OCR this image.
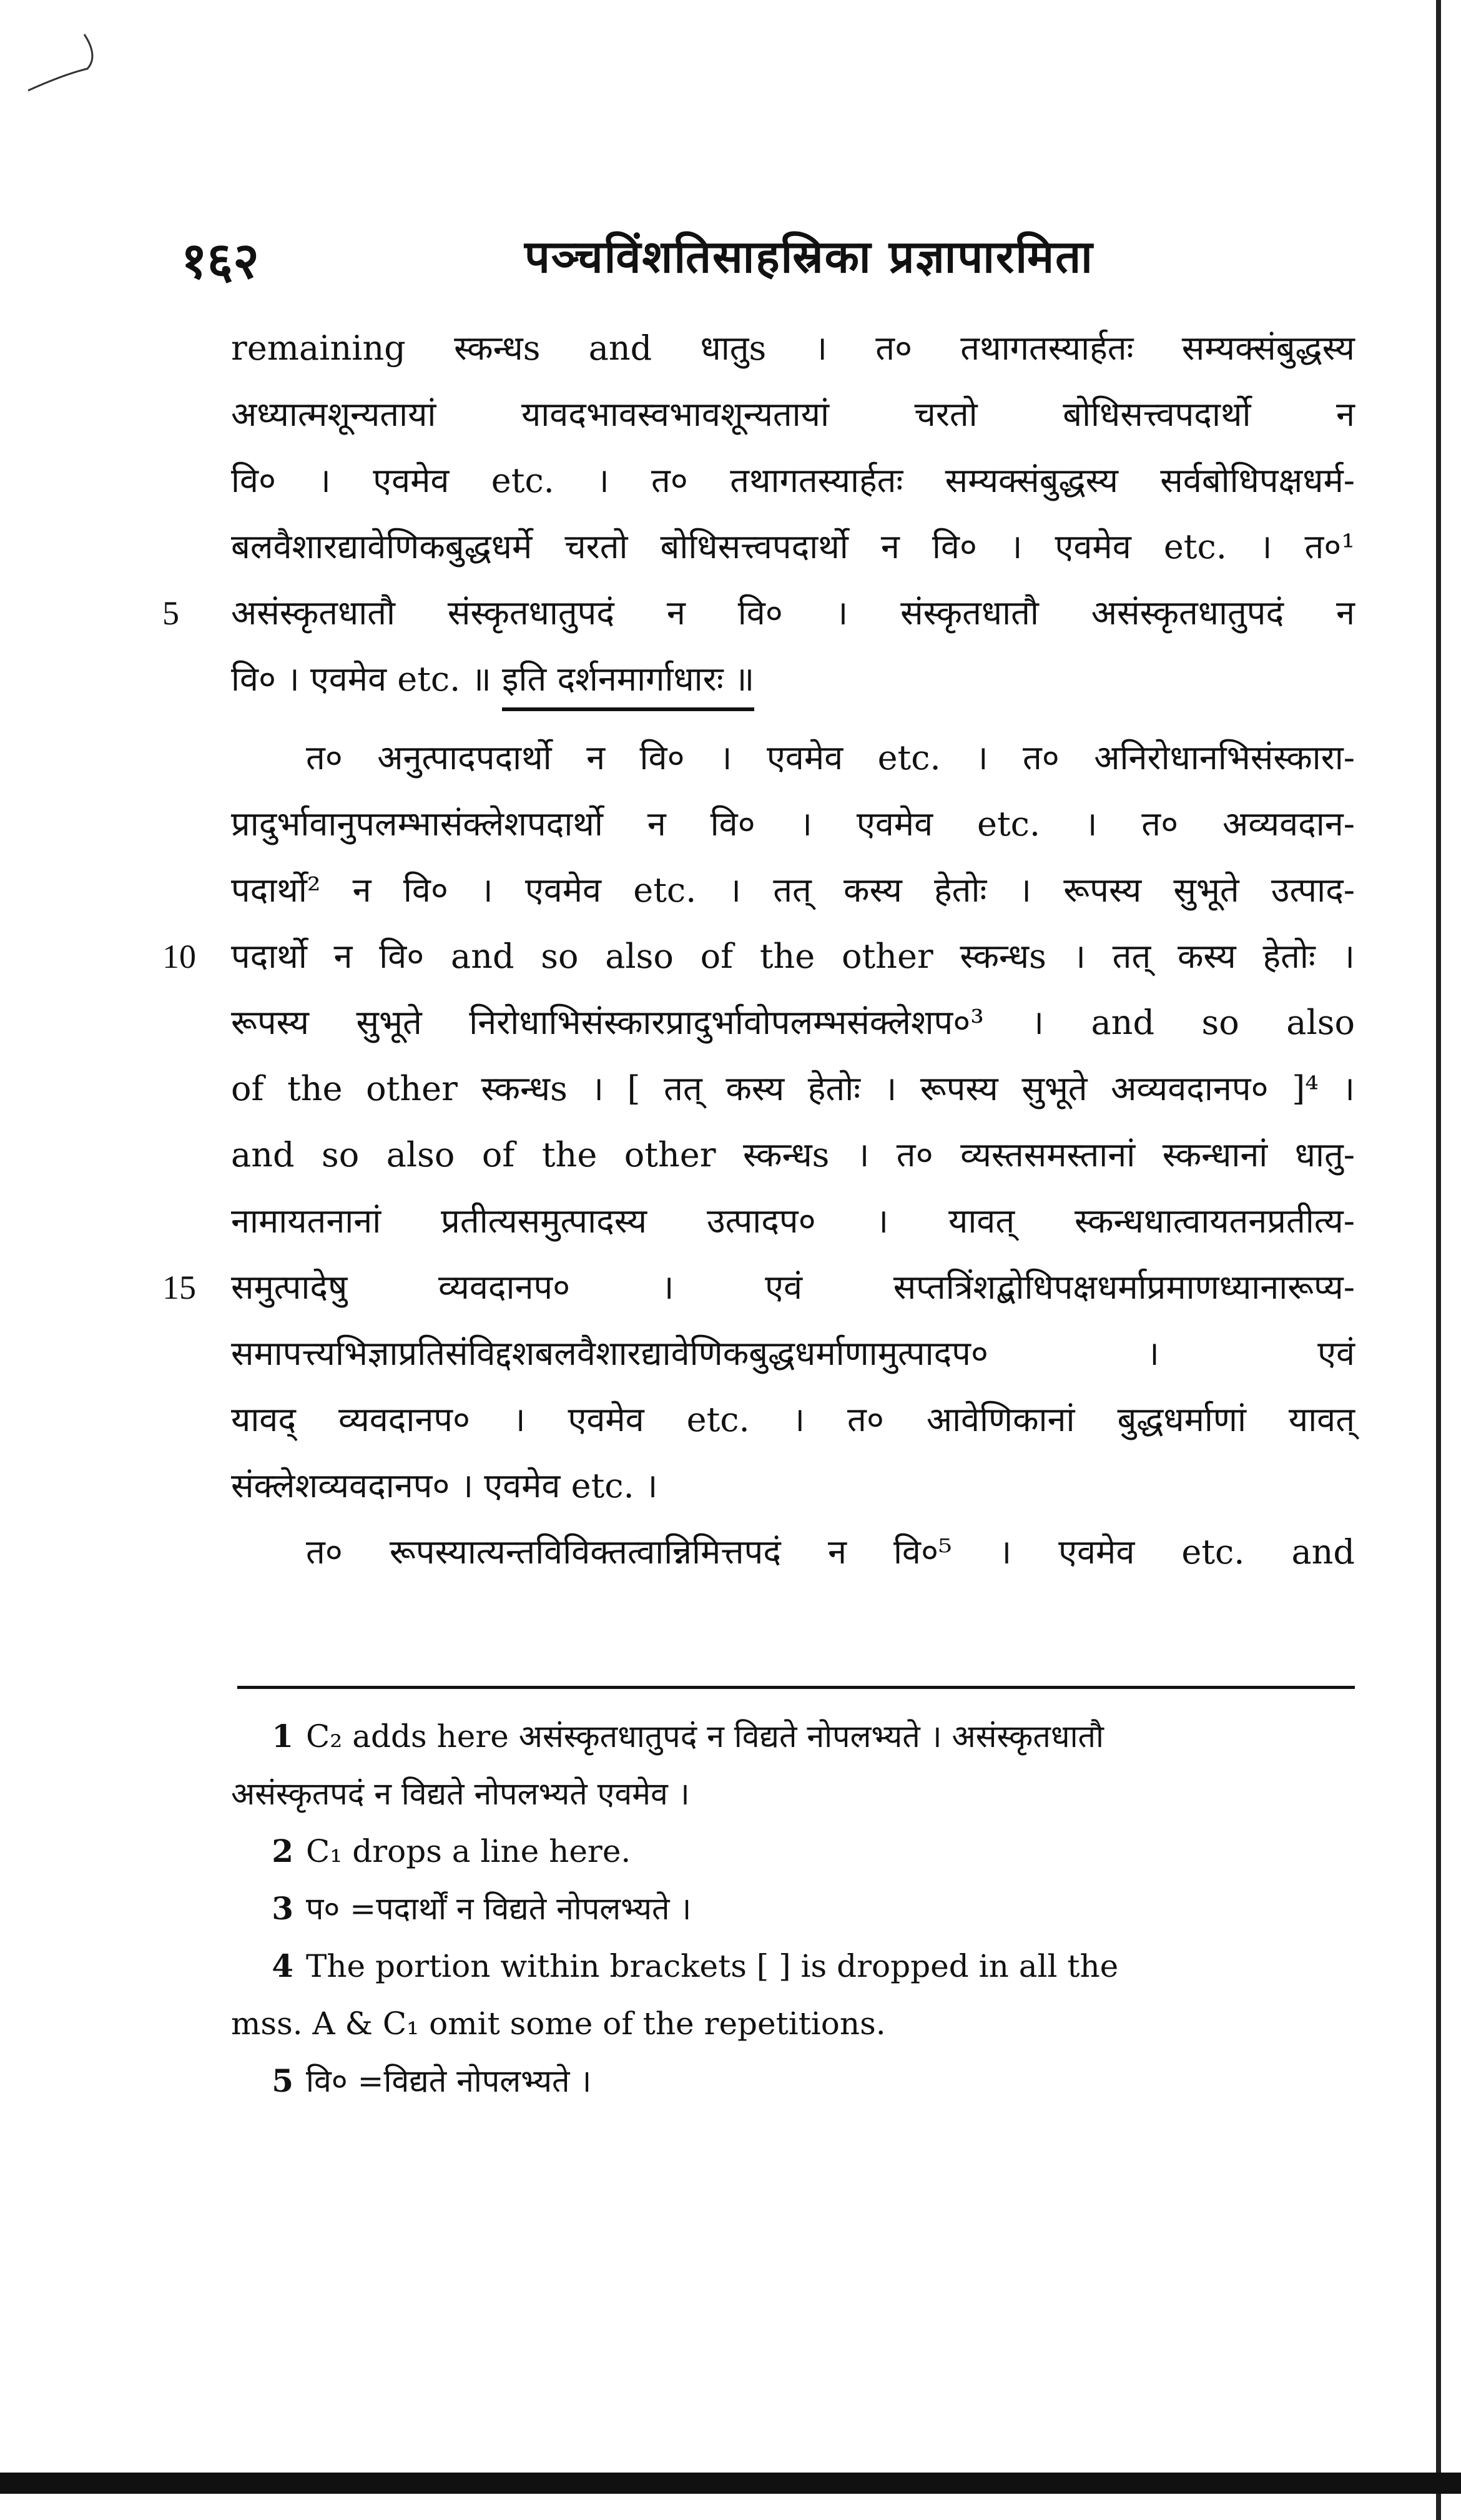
१६२	पञ्चविंशतिसाहस्रिका प्रज्ञापारमिता
remaining स्कन्धs and धातुs । त० तथागतस्यार्हतः सम्यक्संबुद्धस्य
अध्यात्मशून्यतायां यावदभावस्वभावशून्यतायां चरतो बोधिसत्त्वपदार्थो न
वि० । एवमेव etc. । त० तथागतस्यार्हतः सम्यक्संबुद्धस्य सर्वबोधिपक्षधर्म-
बलवैशारद्यावेणिकबुद्धधर्मे चरतो बोधिसत्त्वपदार्थो न वि० । एवमेव etc. । त०¹
5 असंस्कृतधातौ संस्कृतधातुपदं न वि० । संस्कृतधातौ असंस्कृतधातुपदं न
वि० । एवमेव etc. ॥ इति दर्शनमार्गाधारः ॥
त० अनुत्पादपदार्थो न वि० । एवमेव etc. । त० अनिरोधानभिसंस्कारा-
प्रादुर्भावानुपलम्भासंक्लेशपदार्थो न वि० । एवमेव etc. । त० अव्यवदान-
पदार्थो² न वि० । एवमेव etc. । तत् कस्य हेतोः । रूपस्य सुभूते उत्पाद-
10 पदार्थो न वि० and so also of the other स्कन्धs । तत् कस्य हेतोः ।
रूपस्य सुभूते निरोधाभिसंस्कारप्रादुर्भावोपलम्भसंक्लेशप०³ । and so also
of the other स्कन्धs । [ तत् कस्य हेतोः । रूपस्य सुभूते अव्यवदानप० ]⁴ ।
and so also of the other स्कन्धs । त० व्यस्तसमस्तानां स्कन्धानां धातु-
नामायतनानां प्रतीत्यसमुत्पादस्य उत्पादप० । यावत् स्कन्धधात्वायतनप्रतीत्य-
15 समुत्पादेषु व्यवदानप० । एवं सप्तत्रिंशद्बोधिपक्षधर्माप्रमाणध्यानारूप्य-
समापत्त्यभिज्ञाप्रतिसंविद्दशबलवैशारद्यावेणिकबुद्धधर्माणामुत्पादप० । एवं
यावद् व्यवदानप० । एवमेव etc. । त० आवेणिकानां बुद्धधर्माणां यावत्
संक्लेशव्यवदानप० । एवमेव etc. ।
त० रूपस्यात्यन्तविविक्तत्वान्निमित्तपदं न वि०⁵ । एवमेव etc. and
1 C₂ adds here असंस्कृतधातुपदं न विद्यते नोपलभ्यते । असंस्कृतधातौ
असंस्कृतपदं न विद्यते नोपलभ्यते एवमेव ।
2 C₁ drops a line here.
3 प० =पदार्थों न विद्यते नोपलभ्यते ।
4 The portion within brackets [ ] is dropped in all the
mss. A & C₁ omit some of the repetitions.
5 वि० =विद्यते नोपलभ्यते ।
